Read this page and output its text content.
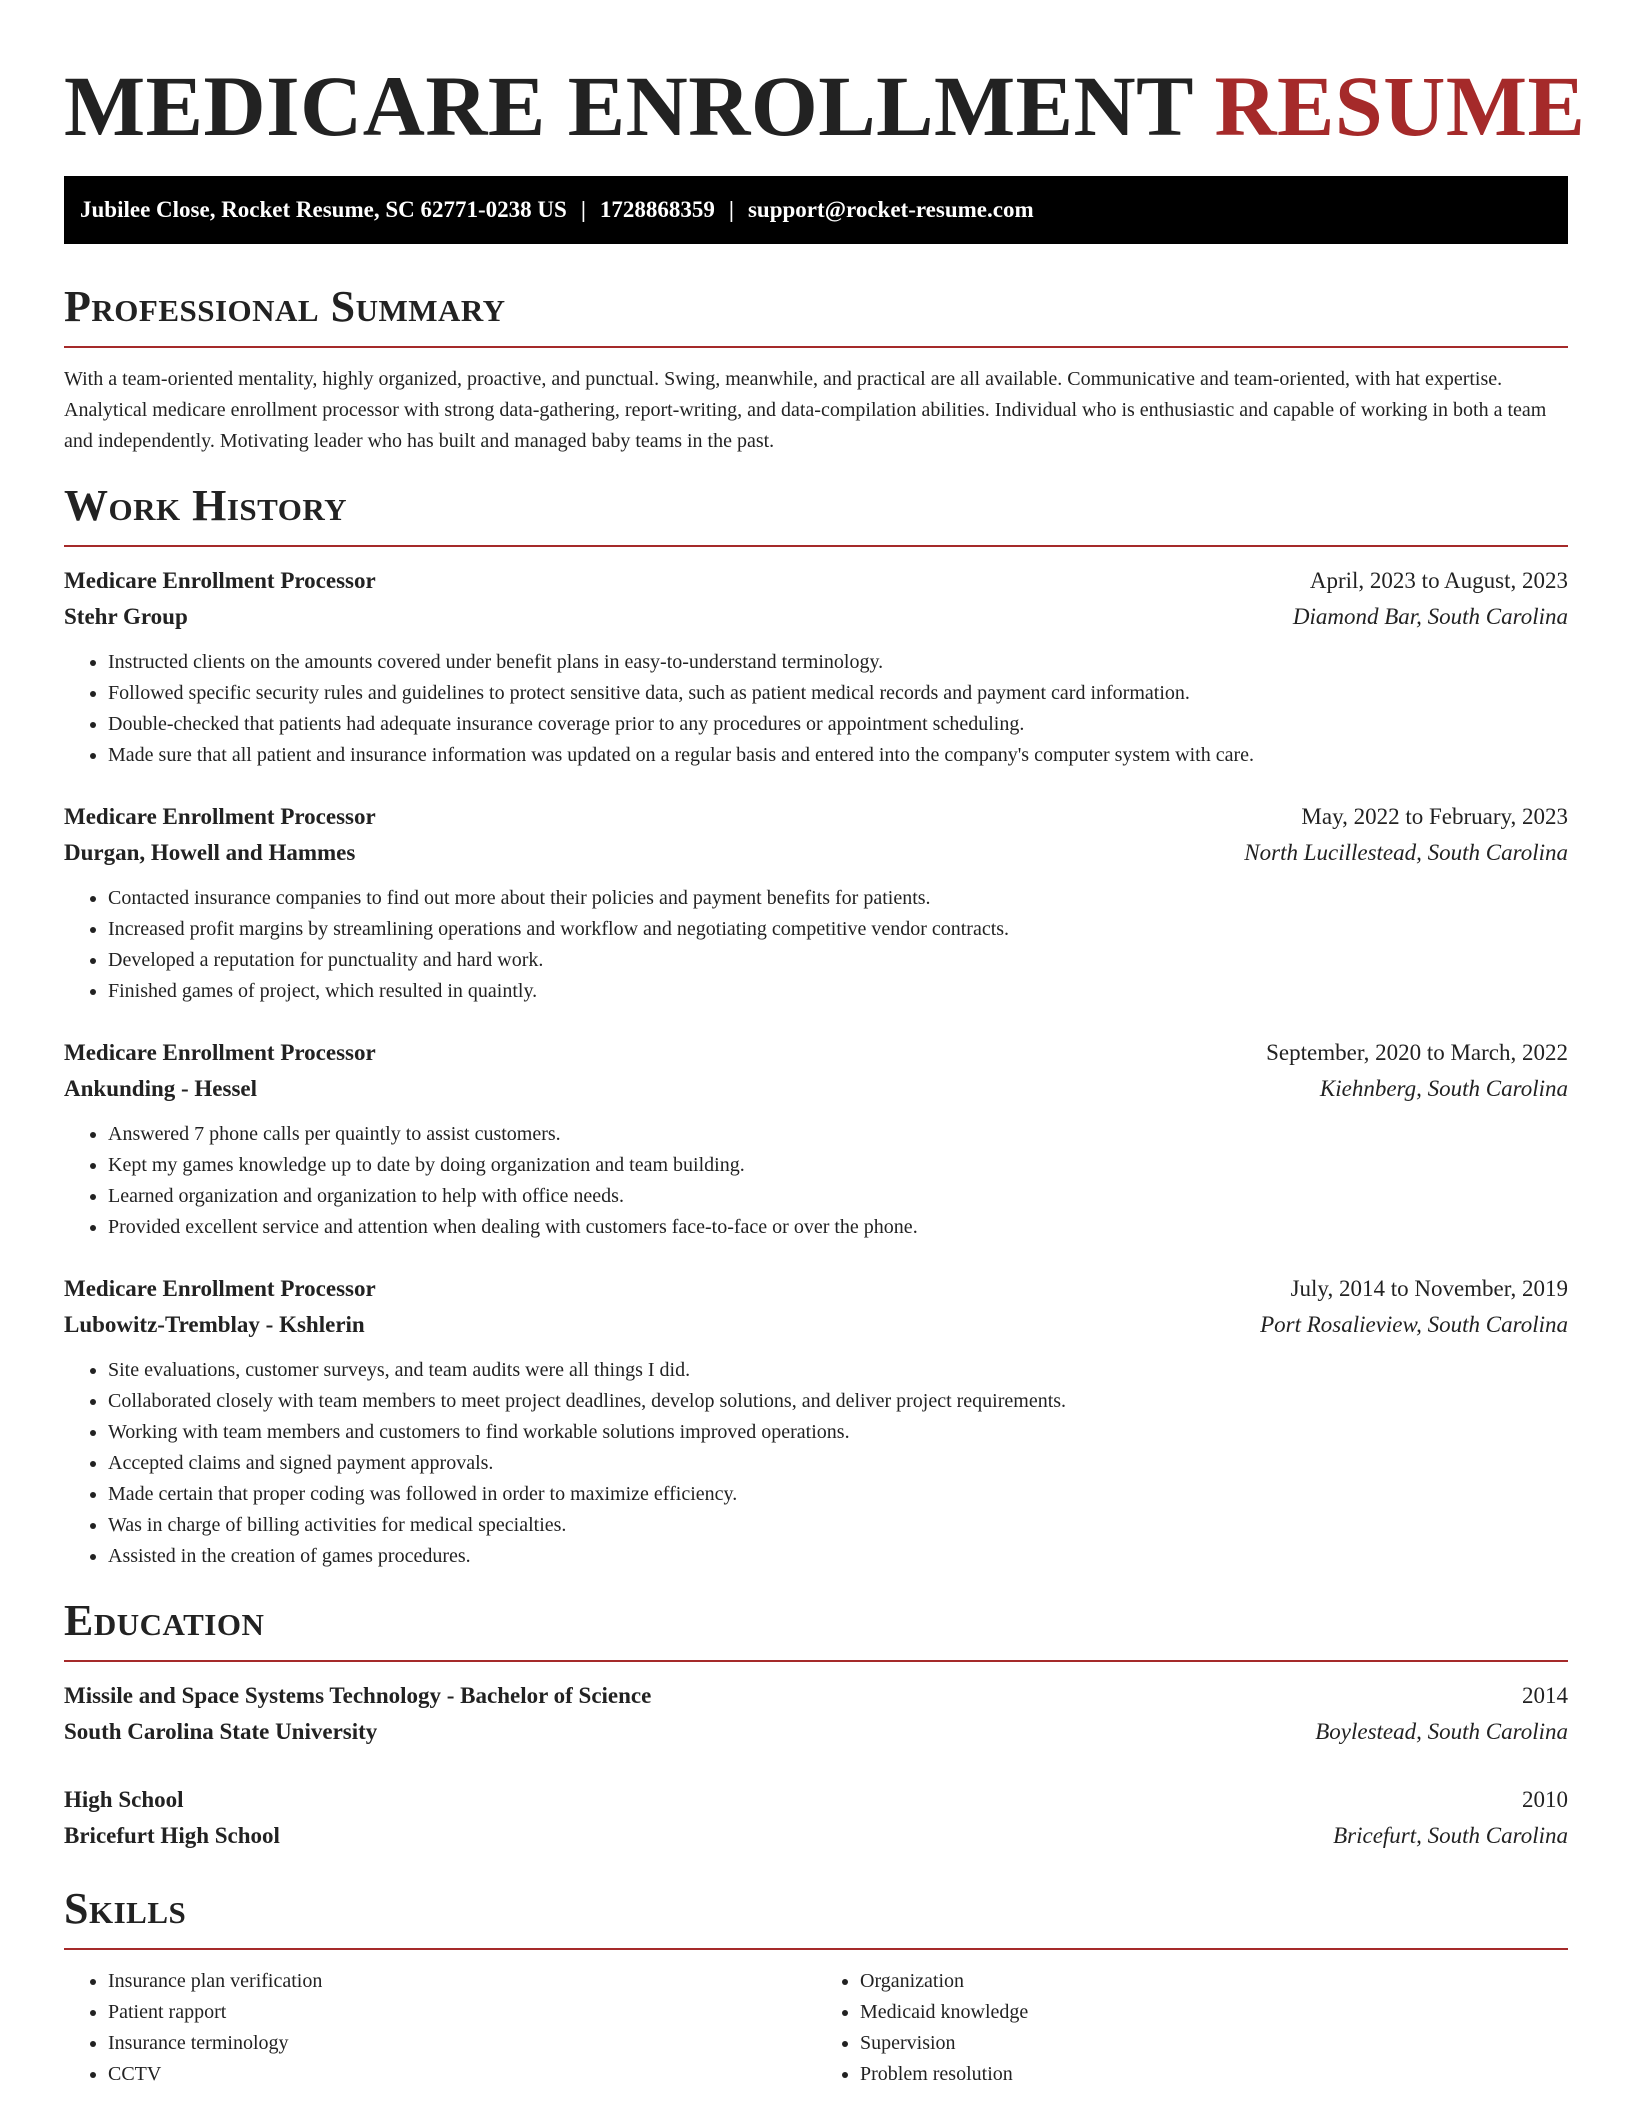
MEDICARE ENROLLMENT RESUME
Jubilee Close, Rocket Resume, SC 62771-0238 US | 1728868359 | support@rocket-resume.com
Professional Summary

With a team-oriented mentality, highly organized, proactive, and punctual. Swing, meanwhile, and practical are all available. Communicative and team-oriented, with hat expertise. Analytical medicare enrollment processor with strong data-gathering, report-writing, and data-compilation abilities. Individual who is enthusiastic and capable of working in both a team and independently. Motivating leader who has built and managed baby teams in the past.

Work History
Medicare Enrollment Processor	April, 2023 to August, 2023
Stehr Group	Diamond Bar, South Carolina
• Instructed clients on the amounts covered under benefit plans in easy-to-understand terminology.
• Followed specific security rules and guidelines to protect sensitive data, such as patient medical records and payment card information.
• Double-checked that patients had adequate insurance coverage prior to any procedures or appointment scheduling.
• Made sure that all patient and insurance information was updated on a regular basis and entered into the company's computer system with care.
Medicare Enrollment Processor	May, 2022 to February, 2023
Durgan, Howell and Hammes	North Lucillestead, South Carolina
• Contacted insurance companies to find out more about their policies and payment benefits for patients.
• Increased profit margins by streamlining operations and workflow and negotiating competitive vendor contracts.
• Developed a reputation for punctuality and hard work.
• Finished games of project, which resulted in quaintly.
Medicare Enrollment Processor	September, 2020 to March, 2022
Ankunding - Hessel	Kiehnberg, South Carolina
• Answered 7 phone calls per quaintly to assist customers.
• Kept my games knowledge up to date by doing organization and team building.
• Learned organization and organization to help with office needs.
• Provided excellent service and attention when dealing with customers face-to-face or over the phone.
Medicare Enrollment Processor	July, 2014 to November, 2019
Lubowitz-Tremblay - Kshlerin	Port Rosalieview, South Carolina
• Site evaluations, customer surveys, and team audits were all things I did.
• Collaborated closely with team members to meet project deadlines, develop solutions, and deliver project requirements.
• Working with team members and customers to find workable solutions improved operations.
• Accepted claims and signed payment approvals.
• Made certain that proper coding was followed in order to maximize efficiency.
• Was in charge of billing activities for medical specialties.
• Assisted in the creation of games procedures.
Education
Missile and Space Systems Technology - Bachelor of Science	2014
South Carolina State University	Boylestead, South Carolina
High School	2010
Bricefurt High School	Bricefurt, South Carolina
Skills
• Insurance plan verification
• Patient rapport
• Insurance terminology
• CCTV
• Organization
• Medicaid knowledge
• Supervision
• Problem resolution
